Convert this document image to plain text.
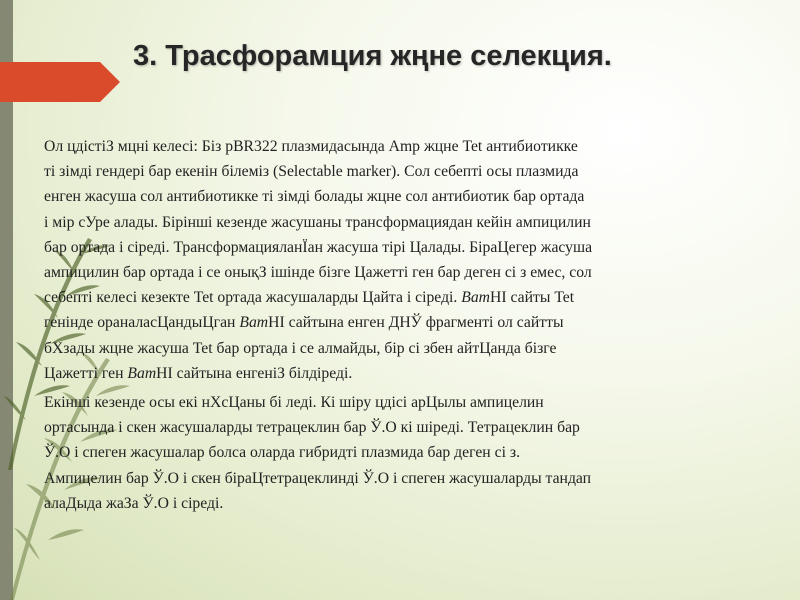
3. Трасфорамция жңне селекция.

Ол цдістіЗ мцні келесі: Біз pBR322 плазмидасында Amp жцне Tet антибиотикке
ті зімді гендері бар екенін білеміз (Selectable marker). Сол себепті осы плазмида
енген жасуша сол антибиотикке ті зімді болады жцне сол антибиотик бар ортада
і мір сУре алады. Бірінші кезенде жасушаны трансформациядан кейін ампицилин
бар ортада і сіреді. ТрансформацияланЇан жасуша тірі Цалады. БіраЦегер жасуша
ампицилин бар ортада і се онықЗ ішінде бізге Цажетті ген бар деген сі з емес, сол
себепті келесі кезекте Tet ортада жасушаларды Цайта і сіреді. BamHI сайты Tet
генінде ораналасЦандыЦган BamHI сайтына енген ДНЎ фрагменті ол сайтты
бХзады жцне жасуша Tet бар ортада і се алмайды, бір сі збен айтЦанда бізге
Цажетті ген BamHI сайтына енгеніЗ білдіреді.

Екінші кезенде осы екі нХсЦаны бі леді. Кі шіру цдісі арЦылы ампицелин
ортасында і скен жасушаларды тетрацеклин бар Ў.О кі шіреді. Тетрацеклин бар
Ў.О і спеген жасушалар болса оларда гибридті плазмида бар деген сі з.
Ампицелин бар Ў.О і скен біраЦтетрацеклинді Ў.О і спеген жасушаларды тандап
алаДыда жаЗа Ў.О і сіреді.
